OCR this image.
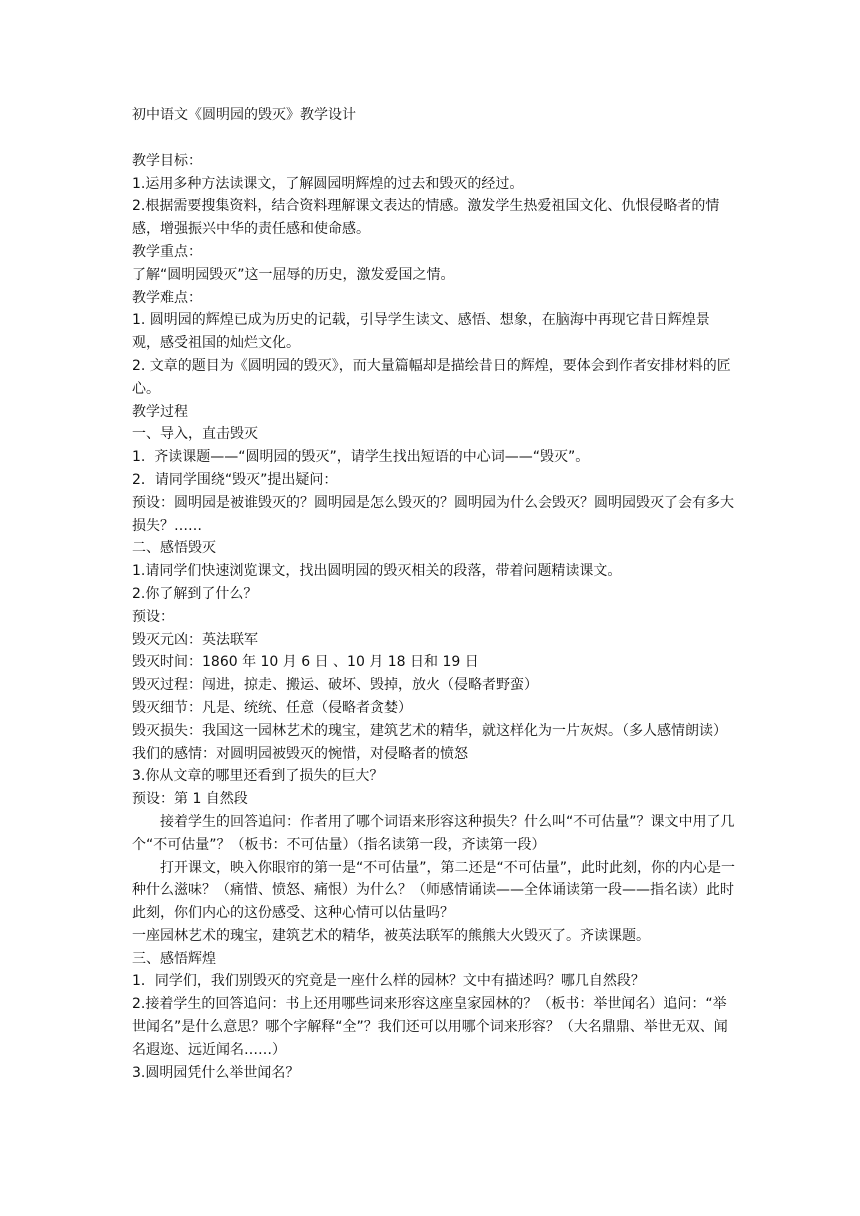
初中语文《圆明园的毁灭》教学设计

教学目标：

1.运用多种方法读课文，了解圆园明辉煌的过去和毁灭的经过。

2.根据需要搜集资料，结合资料理解课文表达的情感。激发学生热爱祖国文化、仇恨侵略者的情感，增强振兴中华的责任感和使命感。

教学重点：

了解“圆明园毁灭”这一屈辱的历史，激发爱国之情。

教学难点：

1. 圆明园的辉煌已成为历史的记载，引导学生读文、感悟、想象，在脑海中再现它昔日辉煌景观，感受祖国的灿烂文化。

2. 文章的题目为《圆明园的毁灭》，而大量篇幅却是描绘昔日的辉煌，要体会到作者安排材料的匠心。

教学过程

一、导入，直击毁灭

1.  齐读课题——“圆明园的毁灭”，请学生找出短语的中心词——“毁灭”。

2．请同学围绕“毁灭”提出疑问：

预设：圆明园是被谁毁灭的？圆明园是怎么毁灭的？圆明园为什么会毁灭？圆明园毁灭了会有多大损失？……

二、感悟毁灭

1.请同学们快速浏览课文，找出圆明园的毁灭相关的段落，带着问题精读课文。

2.你了解到了什么？

预设：

毁灭元凶：英法联军

毁灭时间：1860 年 10 月 6 日 、10 月 18 日和 19 日

毁灭过程：闯进，掠走、搬运、破坏、毁掉，放火（侵略者野蛮）

毁灭细节：凡是、统统、任意（侵略者贪婪）

毁灭损失：我国这一园林艺术的瑰宝，建筑艺术的精华，就这样化为一片灰烬。（多人感情朗读）

我们的感情：对圆明园被毁灭的惋惜，对侵略者的愤怒

3.你从文章的哪里还看到了损失的巨大？

预设：第 1 自然段

接着学生的回答追问：作者用了哪个词语来形容这种损失？什么叫“不可估量”？课文中用了几个“不可估量”？（板书：不可估量）（指名读第一段，齐读第一段）

打开课文，映入你眼帘的第一是“不可估量”，第二还是“不可估量”，此时此刻，你的内心是一种什么滋味？（痛惜、愤怒、痛恨）为什么？（师感情诵读——全体诵读第一段——指名读）此时此刻，你们内心的这份感受、这种心情可以估量吗？

一座园林艺术的瑰宝，建筑艺术的精华，被英法联军的熊熊大火毁灭了。齐读课题。

三、感悟辉煌

1．同学们，我们别毁灭的究竟是一座什么样的园林？文中有描述吗？哪几自然段？

2.接着学生的回答追问：书上还用哪些词来形容这座皇家园林的？（板书：举世闻名）追问：“举世闻名”是什么意思？哪个字解释“全”？我们还可以用哪个词来形容？（大名鼎鼎、举世无双、闻名遐迩、远近闻名……）

3.圆明园凭什么举世闻名？
